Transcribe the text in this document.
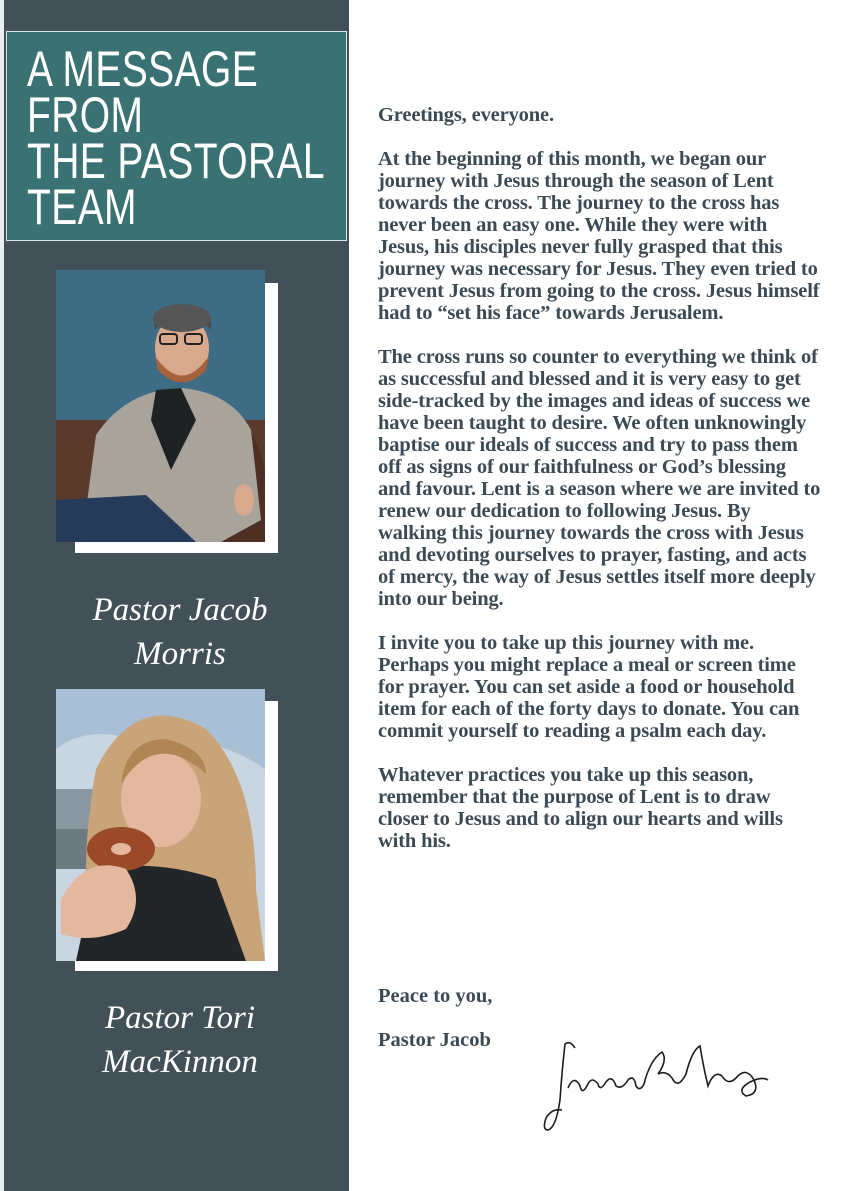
A MESSAGE
FROM
THE PASTORAL
TEAM
Pastor Jacob
Morris
Pastor Tori
MacKinnon

Greetings, everyone.

At the beginning of this month, we began our journey with Jesus through the season of Lent towards the cross. The journey to the cross has never been an easy one. While they were with Jesus, his disciples never fully grasped that this journey was necessary for Jesus. They even tried to prevent Jesus from going to the cross. Jesus himself had to “set his face” towards Jerusalem.

The cross runs so counter to everything we think of as successful and blessed and it is very easy to get side-tracked by the images and ideas of success we have been taught to desire. We often unknowingly baptise our ideals of success and try to pass them off as signs of our faithfulness or God’s blessing and favour. Lent is a season where we are invited to renew our dedication to following Jesus. By walking this journey towards the cross with Jesus and devoting ourselves to prayer, fasting, and acts of mercy, the way of Jesus settles itself more deeply into our being.

I invite you to take up this journey with me. Perhaps you might replace a meal or screen time for prayer. You can set aside a food or household item for each of the forty days to donate. You can commit yourself to reading a psalm each day.

Whatever practices you take up this season, remember that the purpose of Lent is to draw closer to Jesus and to align our hearts and wills with his.

Peace to you,
Pastor Jacob
